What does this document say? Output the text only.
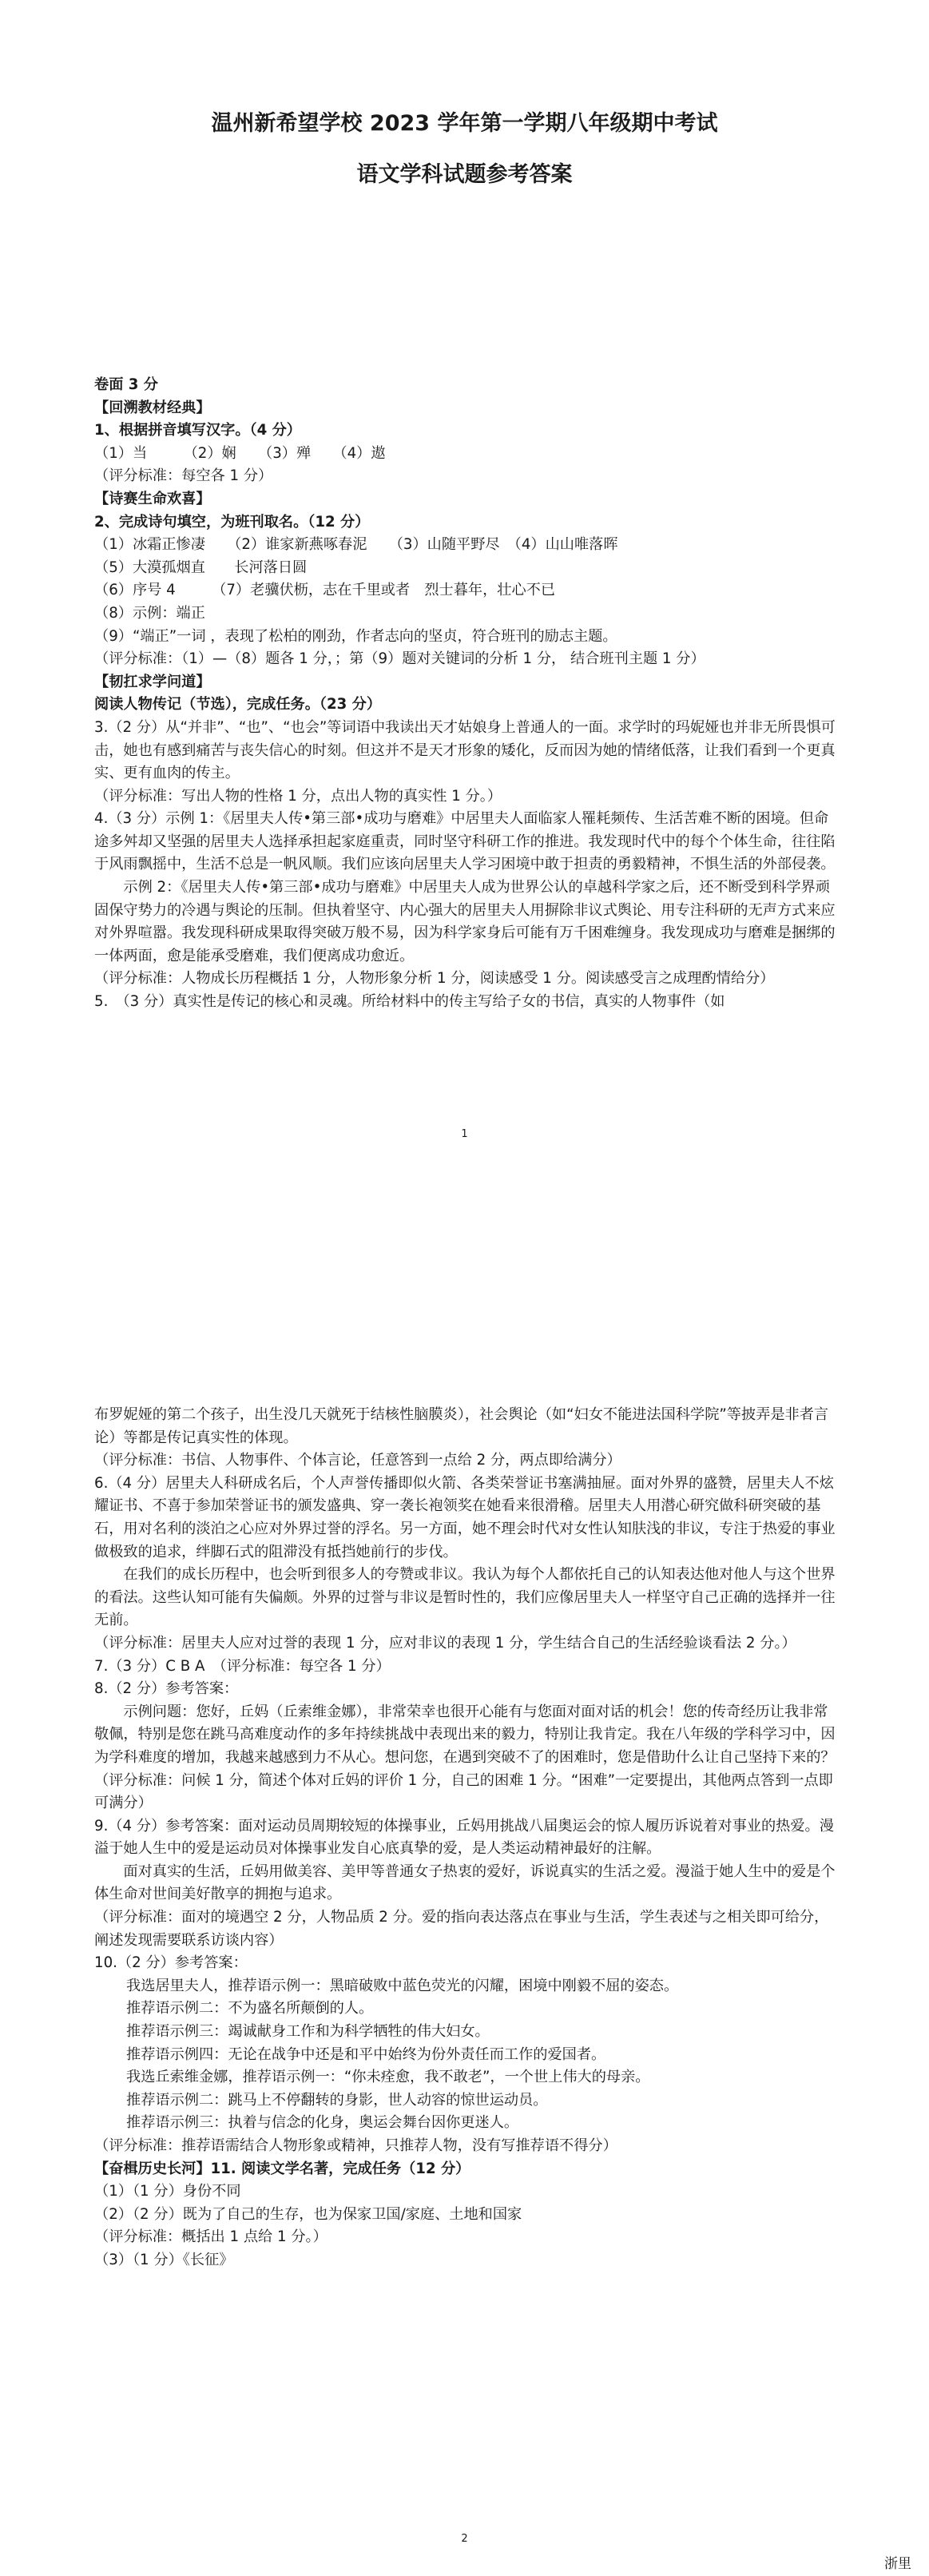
温州新希望学校 2023 学年第一学期八年级期中考试
语文学科试题参考答案

卷面 3 分

【回溯教材经典】

1、根据拼音填写汉字。（4 分）

（1）当　　　（2）娴　　（3）殚　　（4）遨

（评分标准：每空各 1 分）

【诗赛生命欢喜】

2、完成诗句填空，为班刊取名。（12 分）

（1）冰霜正惨凄　　（2）谁家新燕啄春泥　　（3）山随平野尽　（4）山山唯落晖

（5）大漠孤烟直　　长河落日圆

（6）序号 4　　　（7）老骥伏枥，志在千里或者　烈士暮年，壮心不已

（8）示例：端正

（9）“端正”一词 ，表现了松柏的刚劲，作者志向的坚贞，符合班刊的励志主题。

（评分标准：（1）—（8）题各 1 分，；第（9）题对关键词的分析 1 分， 结合班刊主题 1 分）

【韧扛求学问道】

阅读人物传记（节选），完成任务。（23 分）

3.（2 分）从“并非”、“也”、“也会”等词语中我读出天才姑娘身上普通人的一面。求学时的玛妮娅也并非无所畏惧可击，她也有感到痛苦与丧失信心的时刻。但这并不是天才形象的矮化，反而因为她的情绪低落，让我们看到一个更真实、更有血肉的传主。

（评分标准：写出人物的性格 1 分，点出人物的真实性 1 分。）

4.（3 分）示例 1：《居里夫人传•第三部•成功与磨难》中居里夫人面临家人罹耗频传、生活苦难不断的困境。但命途多舛却又坚强的居里夫人选择承担起家庭重责，同时坚守科研工作的推进。我发现时代中的每个个体生命，往往陷于风雨飘摇中，生活不总是一帆风顺。我们应该向居里夫人学习困境中敢于担责的勇毅精神，不惧生活的外部侵袭。

示例 2：《居里夫人传•第三部•成功与磨难》中居里夫人成为世界公认的卓越科学家之后，还不断受到科学界顽固保守势力的冷遇与舆论的压制。但执着坚守、内心强大的居里夫人用摒除非议式舆论、用专注科研的无声方式来应对外界喧嚣。我发现科研成果取得突破万般不易，因为科学家身后可能有万千困难缠身。我发现成功与磨难是捆绑的一体两面，愈是能承受磨难，我们便离成功愈近。

（评分标准：人物成长历程概括 1 分，人物形象分析 1 分，阅读感受 1 分。阅读感受言之成理酌情给分）

5.　（3 分）真实性是传记的核心和灵魂。所给材料中的传主写给子女的书信，真实的人物事件（如

1

布罗妮娅的第二个孩子，出生没几天就死于结核性脑膜炎），社会舆论（如“妇女不能进法国科学院”等披弄是非者言论）等都是传记真实性的体现。

（评分标准：书信、人物事件、个体言论，任意答到一点给 2 分，两点即给满分）

6.（4 分）居里夫人科研成名后，个人声誉传播即似火箭、各类荣誉证书塞满抽屉。面对外界的盛赞，居里夫人不炫耀证书、不喜于参加荣誉证书的颁发盛典、穿一袭长袍领奖在她看来很滑稽。居里夫人用潜心研究做科研突破的基石，用对名利的淡泊之心应对外界过誉的浮名。另一方面，她不理会时代对女性认知肤浅的非议，专注于热爱的事业做极致的追求，绊脚石式的阻滞没有抵挡她前行的步伐。

在我们的成长历程中，也会听到很多人的夸赞或非议。我认为每个人都依托自己的认知表达他对他人与这个世界的看法。这些认知可能有失偏颇。外界的过誉与非议是暂时性的，我们应像居里夫人一样坚守自己正确的选择并一往无前。

（评分标准：居里夫人应对过誉的表现 1 分，应对非议的表现 1 分，学生结合自己的生活经验谈看法 2 分。）

7.（3 分）C B A　（评分标准：每空各 1 分）

8.（2 分）参考答案：

示例问题：您好，丘妈（丘索维金娜），非常荣幸也很开心能有与您面对面对话的机会！您的传奇经历让我非常敬佩，特别是您在跳马高难度动作的多年持续挑战中表现出来的毅力，特别让我肯定。我在八年级的学科学习中，因为学科难度的增加，我越来越感到力不从心。想问您，在遇到突破不了的困难时，您是借助什么让自己坚持下来的？

（评分标准：问候 1 分，简述个体对丘妈的评价 1 分，自己的困难 1 分。“困难”一定要提出，其他两点答到一点即可满分）

9.（4 分）参考答案：面对运动员周期较短的体操事业，丘妈用挑战八届奥运会的惊人履历诉说着对事业的热爱。漫溢于她人生中的爱是运动员对体操事业发自心底真挚的爱，是人类运动精神最好的注解。

面对真实的生活，丘妈用做美容、美甲等普通女子热衷的爱好，诉说真实的生活之爱。漫溢于她人生中的爱是个体生命对世间美好散享的拥抱与追求。

（评分标准：面对的境遇空 2 分，人物品质 2 分。爱的指向表达落点在事业与生活，学生表述与之相关即可给分，阐述发现需要联系访谈内容）

10.（2 分）参考答案：

我选居里夫人，推荐语示例一：黑暗破败中蓝色荧光的闪耀，困境中刚毅不屈的姿态。

推荐语示例二：不为盛名所颠倒的人。

推荐语示例三：竭诚献身工作和为科学牺牲的伟大妇女。

推荐语示例四：无论在战争中还是和平中始终为份外责任而工作的爱国者。

我选丘索维金娜，推荐语示例一：“你未痊愈，我不敢老”，一个世上伟大的母亲。

推荐语示例二：跳马上不停翻转的身影，世人动容的惊世运动员。

推荐语示例三：执着与信念的化身，奥运会舞台因你更迷人。

（评分标准：推荐语需结合人物形象或精神，只推荐人物，没有写推荐语不得分）

【奋楫历史长河】11. 阅读文学名著，完成任务（12 分）

（1）（1 分）身份不同

（2）（2 分）既为了自己的生存，也为保家卫国/家庭、土地和国家

（评分标准：概括出 1 点给 1 分。）

（3）（1 分）《长征》

2
浙里
